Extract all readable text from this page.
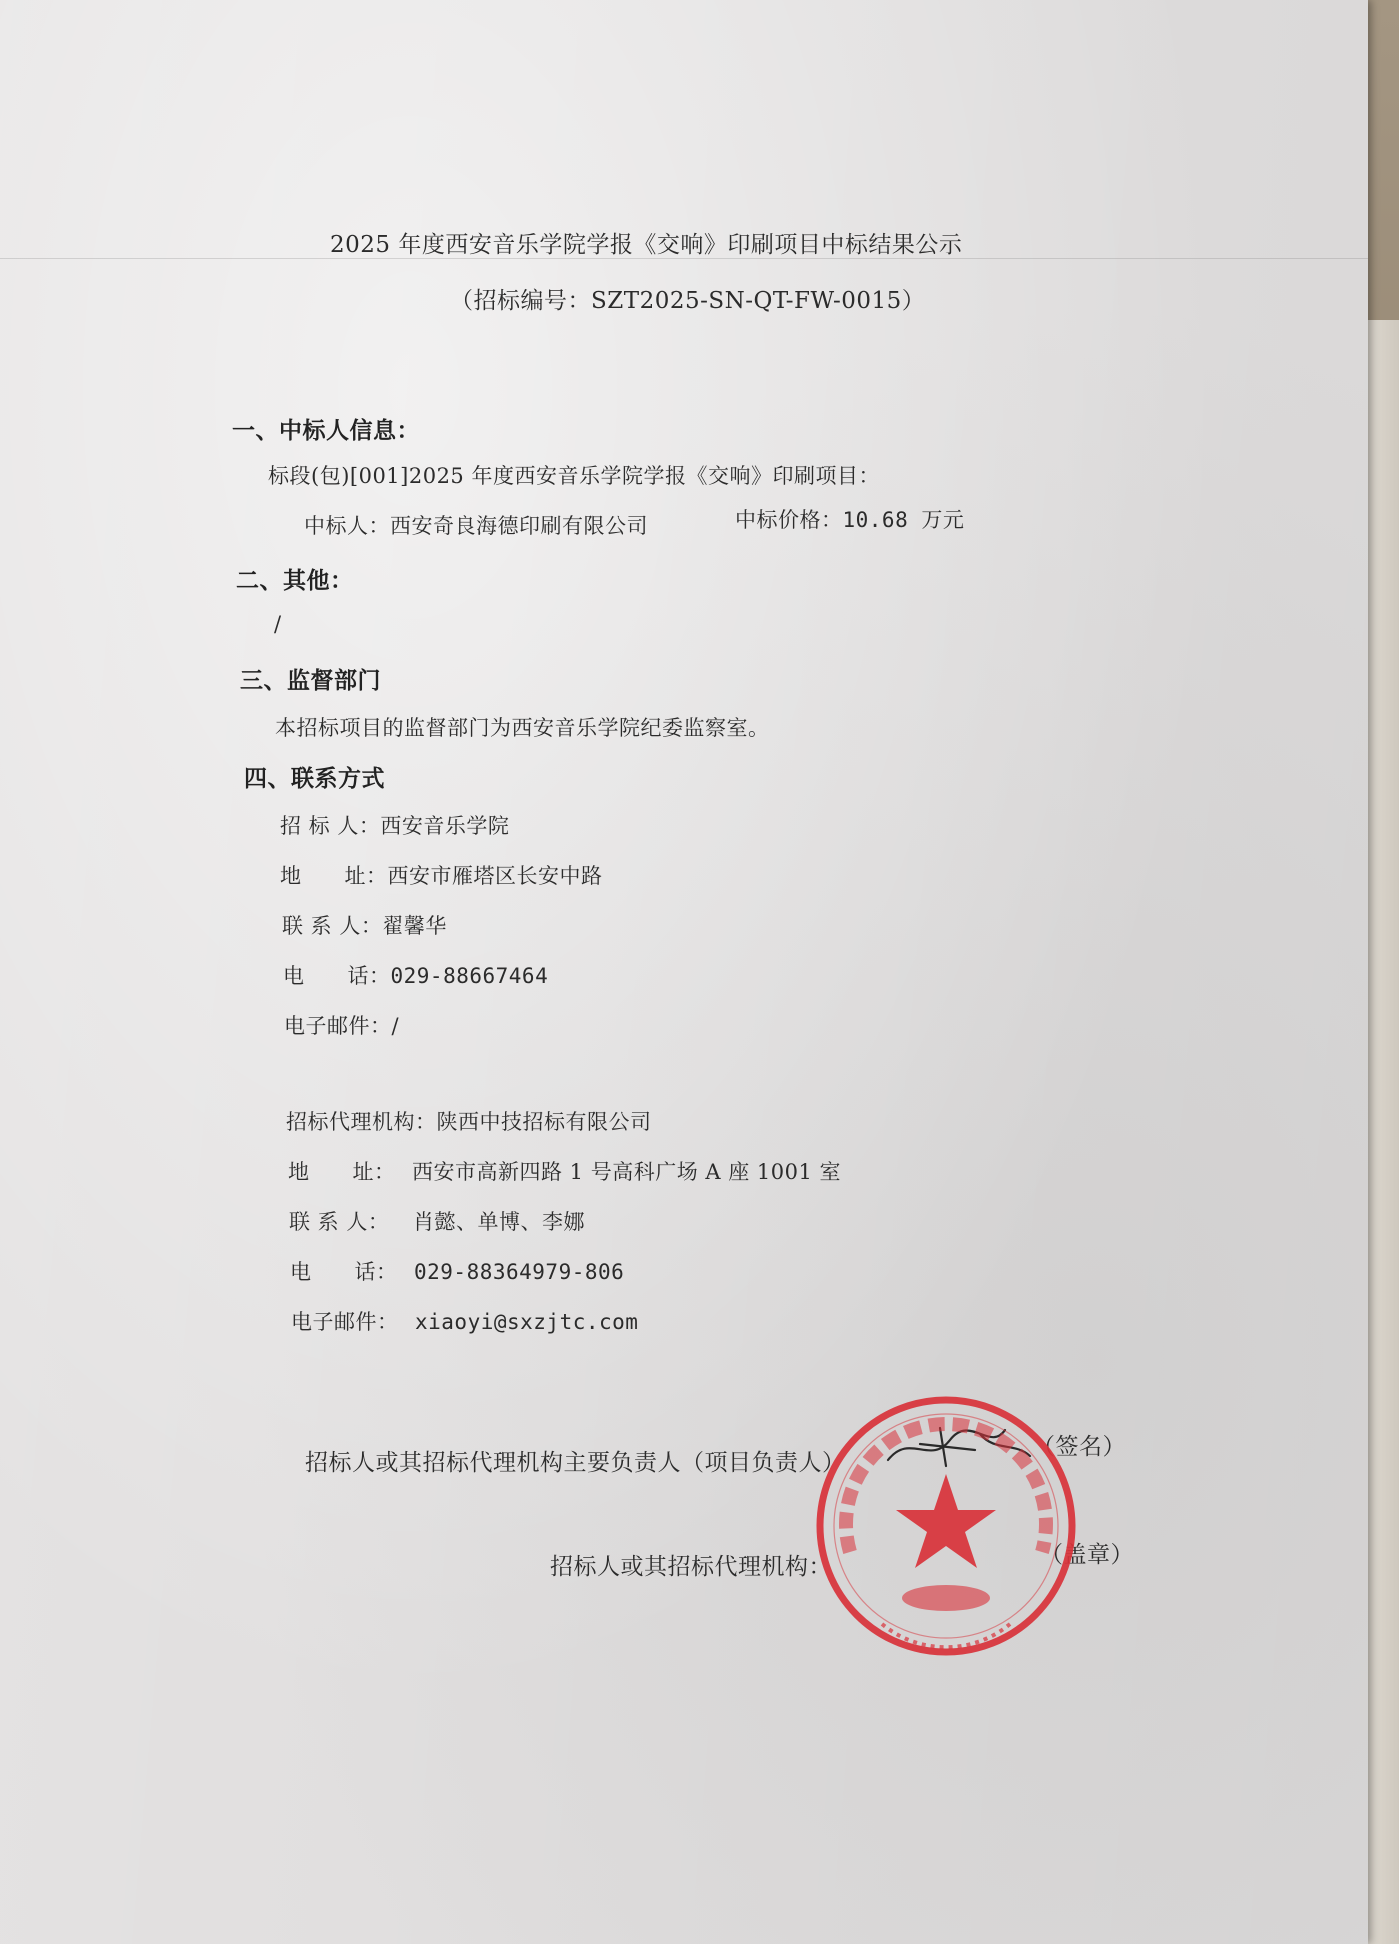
2025 年度西安音乐学院学报《交响》印刷项目中标结果公示
（招标编号：SZT2025-SN-QT-FW-0015）
一、中标人信息：
标段(包)[001]2025 年度西安音乐学院学报《交响》印刷项目：
中标人：西安奇良海德印刷有限公司	中标价格：10.68 万元
二、其他：
/
三、监督部门
本招标项目的监督部门为西安音乐学院纪委监察室。
四、联系方式
招 标 人：西安音乐学院
地　　址：西安市雁塔区长安中路
联 系 人：翟馨华
电　　话：029-88667464
电子邮件：/
招标代理机构：陕西中技招标有限公司
地　　址： 西安市高新四路 1 号高科广场 A 座 1001 室
联 系 人： 肖懿、单博、李娜
电　　话： 029-88364979-806
电子邮件： xiaoyi@sxzjtc.com
招标人或其招标代理机构主要负责人（项目负责人）
（签名）
招标人或其招标代理机构：	（盖章）
